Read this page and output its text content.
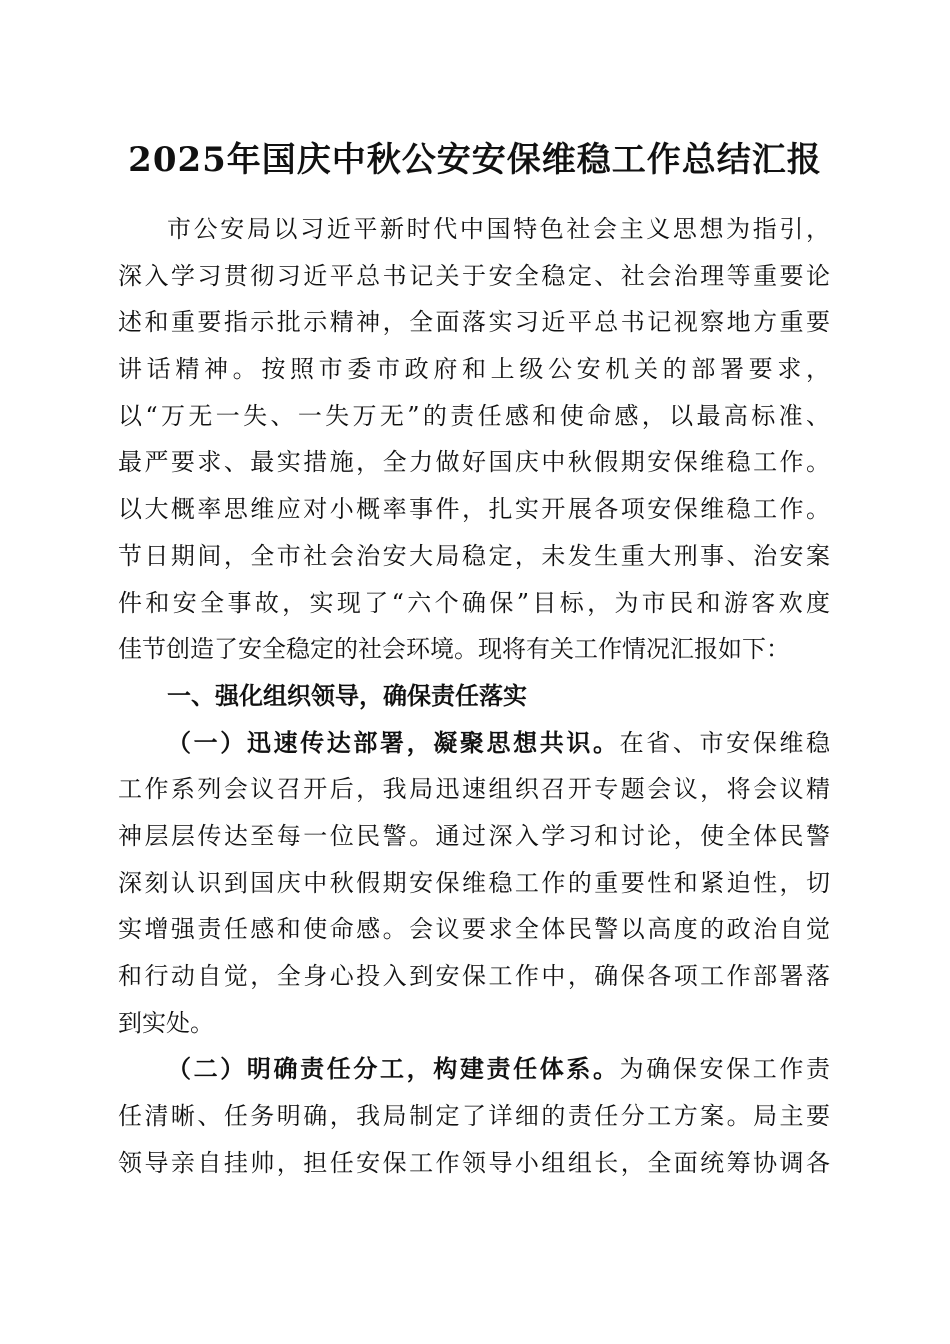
2025年国庆中秋公安安保维稳工作总结汇报
市公安局以习近平新时代中国特色社会主义思想为指引，
深入学习贯彻习近平总书记关于安全稳定、社会治理等重要论
述和重要指示批示精神，全面落实习近平总书记视察地方重要
讲话精神。按照市委市政府和上级公安机关的部署要求，
以“万无一失、一失万无”的责任感和使命感，以最高标准、
最严要求、最实措施，全力做好国庆中秋假期安保维稳工作。
以大概率思维应对小概率事件，扎实开展各项安保维稳工作。
节日期间，全市社会治安大局稳定，未发生重大刑事、治安案
件和安全事故，实现了“六个确保”目标，为市民和游客欢度
佳节创造了安全稳定的社会环境。现将有关工作情况汇报如下：
一、强化组织领导，确保责任落实
（一）迅速传达部署，凝聚思想共识。在省、市安保维稳
工作系列会议召开后，我局迅速组织召开专题会议，将会议精
神层层传达至每一位民警。通过深入学习和讨论，使全体民警
深刻认识到国庆中秋假期安保维稳工作的重要性和紧迫性，切
实增强责任感和使命感。会议要求全体民警以高度的政治自觉
和行动自觉，全身心投入到安保工作中，确保各项工作部署落
到实处。
（二）明确责任分工，构建责任体系。为确保安保工作责
任清晰、任务明确，我局制定了详细的责任分工方案。局主要
领导亲自挂帅，担任安保工作领导小组组长，全面统筹协调各
